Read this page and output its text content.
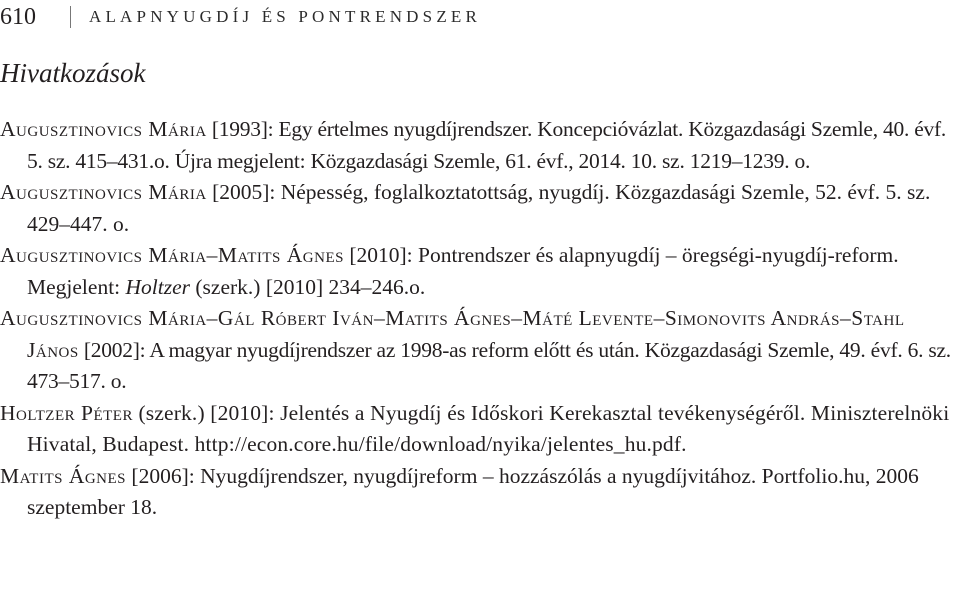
610	ALAPNYUGDÍJ ÉS PONTRENDSZER
Hivatkozások

Augusztinovics Mária [1993]: Egy értelmes nyugdíjrendszer. Koncepcióvázlat. Közgazdasági Szemle, 40. évf. 5. sz. 415–431.o. Újra megjelent: Közgazdasági Szemle, 61. évf., 2014. 10. sz. 1219–1239. o.

Augusztinovics Mária [2005]: Népesség, foglalkoztatottság, nyugdíj. Közgazdasági Szemle, 52. évf. 5. sz. 429–447. o.

Augusztinovics Mária–Matits Ágnes [2010]: Pontrendszer és alapnyugdíj – öregségi-nyugdíj-reform. Megjelent: Holtzer (szerk.) [2010] 234–246.o.

Augusztinovics Mária–Gál Róbert Iván–Matits Ágnes–Máté Levente–Simonovits András–Stahl János [2002]: A magyar nyugdíjrendszer az 1998-as reform előtt és után. Közgazdasági Szemle, 49. évf. 6. sz. 473–517. o.

Holtzer Péter (szerk.) [2010]: Jelentés a Nyugdíj és Időskori Kerekasztal tevékenységéről. Miniszterelnöki Hivatal, Budapest. http://econ.core.hu/file/download/nyika/jelentes_hu.pdf.

Matits Ágnes [2006]: Nyugdíjrendszer, nyugdíjreform – hozzászólás a nyugdíjvitához. Portfolio.hu, 2006 szeptember 18.
